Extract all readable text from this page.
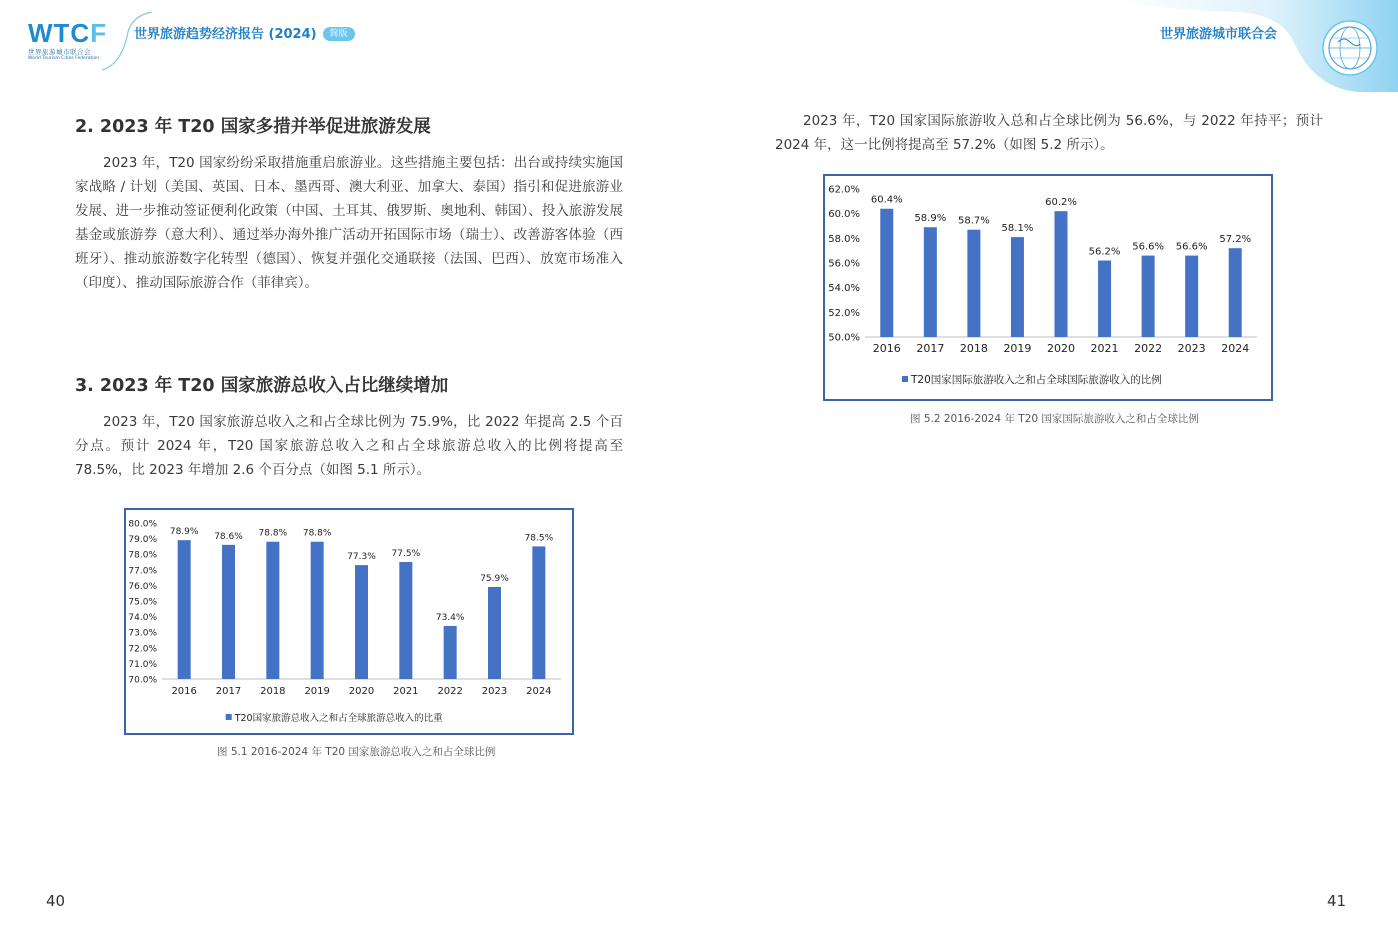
WTCF
世界旅游城市联合会
World Tourism Cities Federation
世界旅游趋势经济报告 (2024) 简版	世界旅游城市联合会
2. 2023 年 T20 国家多措并举促进旅游发展
2023 年，T20 国家纷纷采取措施重启旅游业。这些措施主要包括：出台或持续实施国家战略 / 计划（美国、英国、日本、墨西哥、澳大利亚、加拿大、泰国）指引和促进旅游业发展、进一步推动签证便利化政策（中国、土耳其、俄罗斯、奥地利、韩国）、投入旅游发展基金或旅游券（意大利）、通过举办海外推广活动开拓国际市场（瑞士）、改善游客体验（西班牙）、推动旅游数字化转型（德国）、恢复并强化交通联接（法国、巴西）、放宽市场准入（印度）、推动国际旅游合作（菲律宾）。
3. 2023 年 T20 国家旅游总收入占比继续增加
2023 年，T20 国家旅游总收入之和占全球比例为 75.9%，比 2022 年提高 2.5 个百分点。预计 2024 年，T20 国家旅游总收入之和占全球旅游总收入的比例将提高至 78.5%，比 2023 年增加 2.6 个百分点（如图 5.1 所示）。
70.0%
71.0%
72.0%
73.0%
74.0%
75.0%
76.0%
77.0%
78.0%
79.0%
80.0%
78.9%
2016
78.6%
2017
78.8%
2018
78.8%
2019
77.3%
2020
77.5%
2021
73.4%
2022
75.9%
2023
78.5%
2024
T20国家旅游总收入之和占全球旅游总收入的比重
图 5.1 2016-2024 年 T20 国家旅游总收入之和占全球比例
40
2023 年，T20 国家国际旅游收入总和占全球比例为 56.6%，与 2022 年持平；预计 2024 年，这一比例将提高至 57.2%（如图 5.2 所示）。
50.0%
52.0%
54.0%
56.0%
58.0%
60.0%
62.0%
60.4%
2016
58.9%
2017
58.7%
2018
58.1%
2019
60.2%
2020
56.2%
2021
56.6%
2022
56.6%
2023
57.2%
2024
T20国家国际旅游收入之和占全球国际旅游收入的比例
图 5.2 2016-2024 年 T20 国家国际旅游收入之和占全球比例
41
